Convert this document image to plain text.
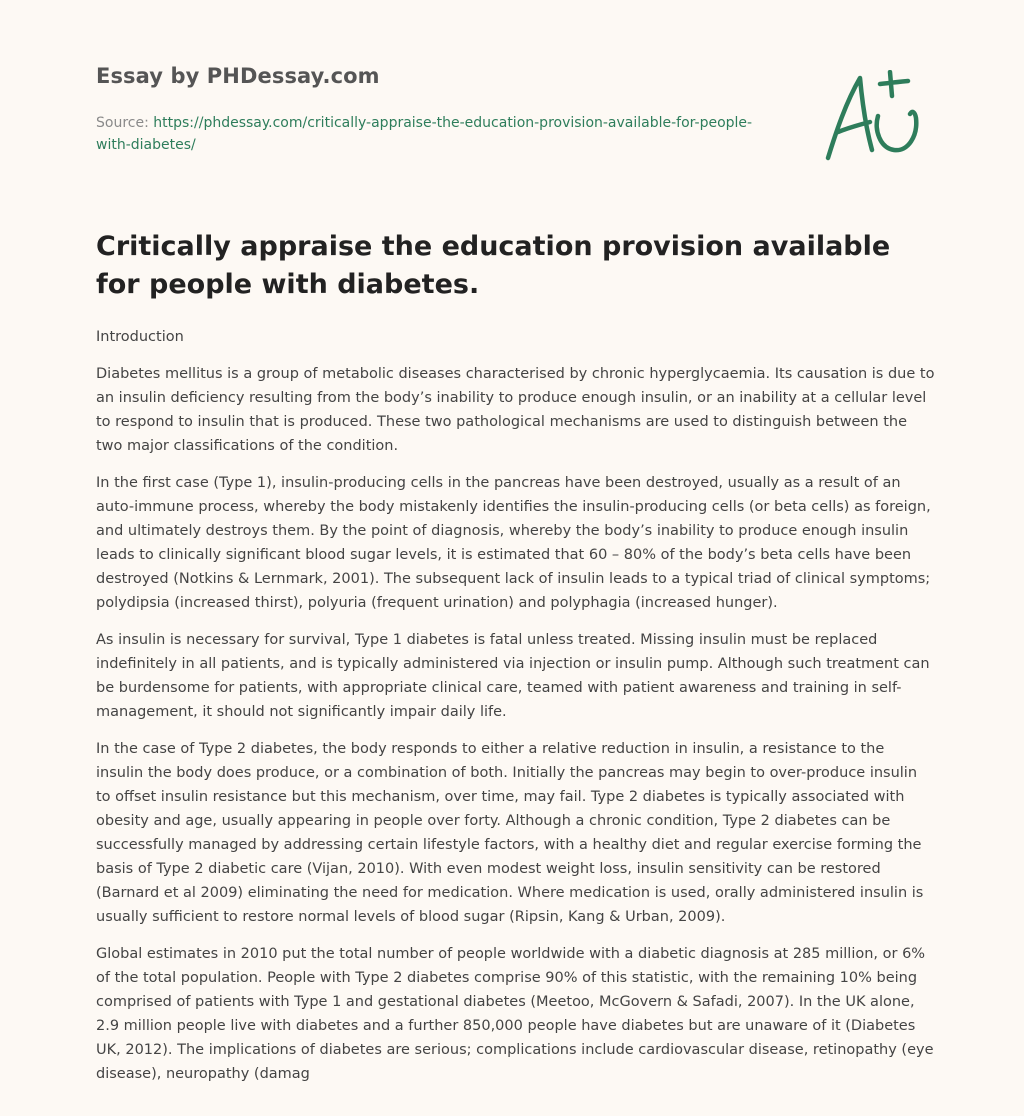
Essay by PHDessay.com
Source: https://phdessay.com/critically-appraise-the-education-provision-available-for-people-with-diabetes/
Critically appraise the education provision available for people with diabetes.

Introduction

Diabetes mellitus is a group of metabolic diseases characterised by chronic hyperglycaemia. Its causation is due to an insulin deficiency resulting from the body’s inability to produce enough insulin, or an inability at a cellular level to respond to insulin that is produced. These two pathological mechanisms are used to distinguish between the two major classifications of the condition.

In the first case (Type 1), insulin-producing cells in the pancreas have been destroyed, usually as a result of an auto-immune process, whereby the body mistakenly identifies the insulin-producing cells (or beta cells) as foreign, and ultimately destroys them. By the point of diagnosis, whereby the body’s inability to produce enough insulin leads to clinically significant blood sugar levels, it is estimated that 60 – 80% of the body’s beta cells have been destroyed (Notkins & Lernmark, 2001). The subsequent lack of insulin leads to a typical triad of clinical symptoms; polydipsia (increased thirst), polyuria (frequent urination) and polyphagia (increased hunger).

As insulin is necessary for survival, Type 1 diabetes is fatal unless treated. Missing insulin must be replaced indefinitely in all patients, and is typically administered via injection or insulin pump. Although such treatment can be burdensome for patients, with appropriate clinical care, teamed with patient awareness and training in self-management, it should not significantly impair daily life.

In the case of Type 2 diabetes, the body responds to either a relative reduction in insulin, a resistance to the insulin the body does produce, or a combination of both. Initially the pancreas may begin to over-produce insulin to offset insulin resistance but this mechanism, over time, may fail. Type 2 diabetes is typically associated with obesity and age, usually appearing in people over forty. Although a chronic condition, Type 2 diabetes can be successfully managed by addressing certain lifestyle factors, with a healthy diet and regular exercise forming the basis of Type 2 diabetic care (Vijan, 2010). With even modest weight loss, insulin sensitivity can be restored (Barnard et al 2009) eliminating the need for medication. Where medication is used, orally administered insulin is usually sufficient to restore normal levels of blood sugar (Ripsin, Kang & Urban, 2009).

Global estimates in 2010 put the total number of people worldwide with a diabetic diagnosis at 285 million, or 6% of the total population. People with Type 2 diabetes comprise 90% of this statistic, with the remaining 10% being comprised of patients with Type 1 and gestational diabetes (Meetoo, McGovern & Safadi, 2007). In the UK alone, 2.9 million people live with diabetes and a further 850,000 people have diabetes but are unaware of it (Diabetes UK, 2012). The implications of diabetes are serious; complications include cardiovascular disease, retinopathy (eye disease), neuropathy (damag
